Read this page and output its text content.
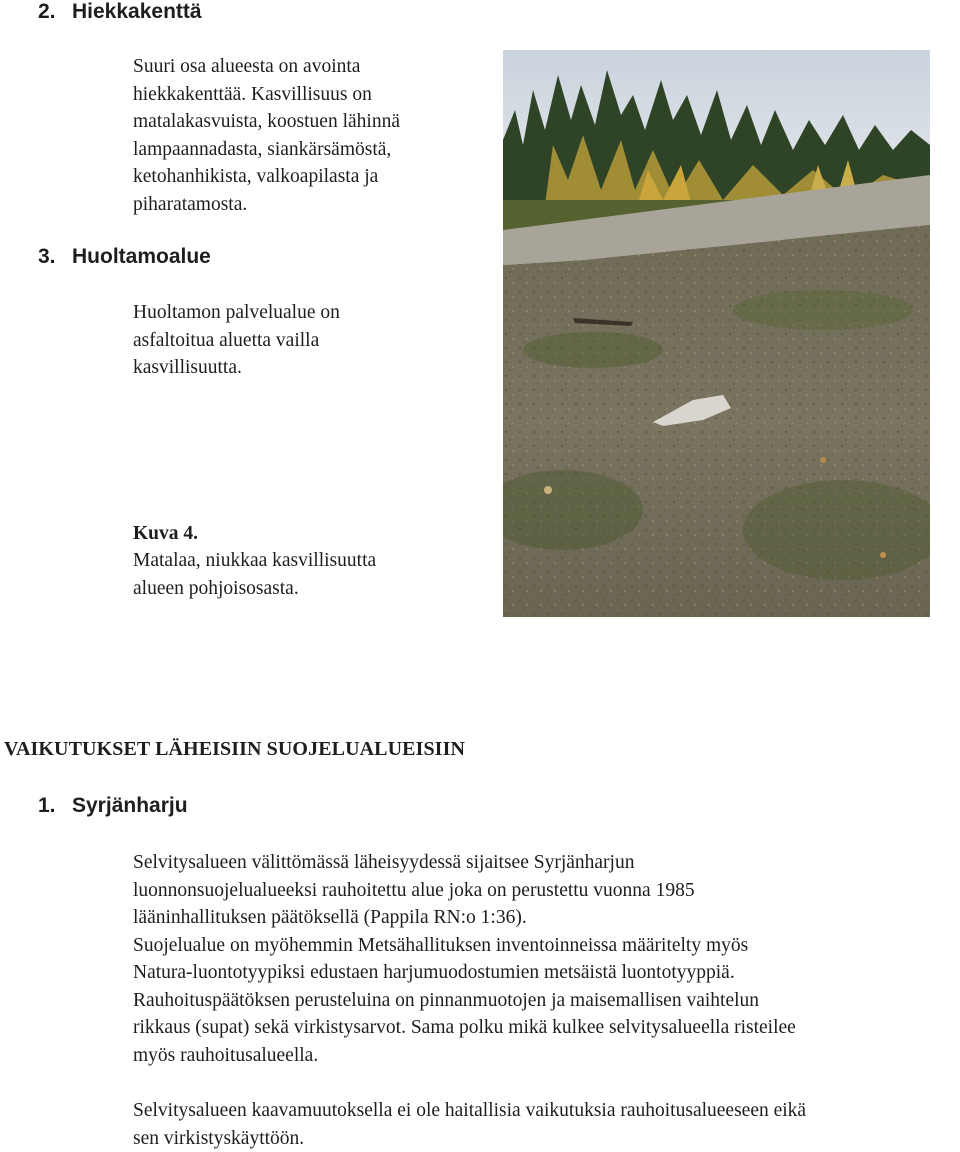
2. Hiekkakenttä
Suuri osa alueesta on avointa
hiekkakenttää. Kasvillisuus on
matalakasvuista, koostuen lähinnä
lampaannadasta, siankärsämöstä,
ketohanhikista, valkoapilasta ja
piharatamosta.
3. Huoltamoalue
Huoltamon palvelualue on
asfaltoitua aluetta vailla
kasvillisuutta.
Kuva 4.
Matalaa, niukkaa kasvillisuutta
alueen pohjoisosasta.
VAIKUTUKSET LÄHEISIIN SUOJELUALUEISIIN
1. Syrjänharju
Selvitysalueen välittömässä läheisyydessä sijaitsee Syrjänharjun
luonnonsuojelualueeksi rauhoitettu alue joka on perustettu vuonna 1985
lääninhallituksen päätöksellä (Pappila RN:o 1:36).
Suojelualue on myöhemmin Metsähallituksen inventoinneissa määritelty myös
Natura-luontotyypiksi edustaen harjumuodostumien metsäistä luontotyyppiä.
Rauhoituspäätöksen perusteluina on pinnanmuotojen ja maisemallisen vaihtelun
rikkaus (supat) sekä virkistysarvot. Sama polku mikä kulkee selvitysalueella risteilee
myös rauhoitusalueella.
Selvitysalueen kaavamuutoksella ei ole haitallisia vaikutuksia rauhoitusalueeseen eikä
sen virkistyskäyttöön.
